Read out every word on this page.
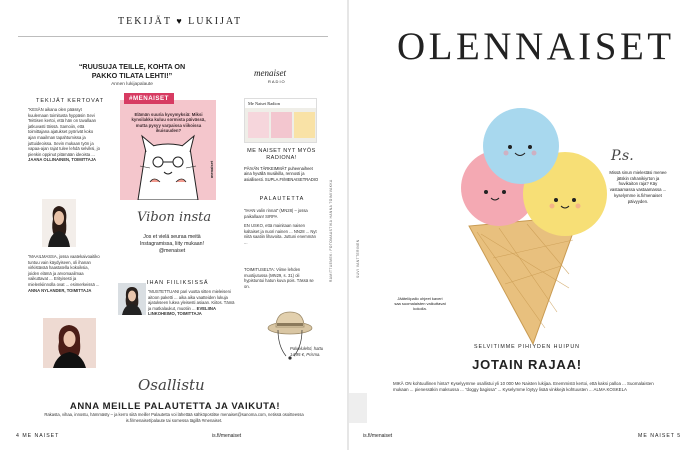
TEKIJÄT ♥ LUKIJAT
“RUUSUJA TEILLE, KOHTA ON PAKKO TILATA LEHTI!”
Annen lukijapalaute
menaiset
RADIO
TEKIJÄT KERTOVAT
“KESÄN aikana olen päässyt kuulemaan toimitusta hyppäsin Sevi Teittisen kertoi, että hän on tavallaan jatkuvasti töissä. Samoiin, että toimittajana ajatukset pyörivät koko ajan maailman tapahtumissa ja juttuideoissa. Sevin mukaan työn ja vapaa-ajan rajat tulee lehdä selviksi, jo pienkin oppinut pitämään ideoista ... JAANA OLLINAINEN, TOIMITTAJA
“MAAILMASSA, jossa vaatekaivoaitiko tuntuu vain käydyiseen, oli ihanan virkistävää haastatella kokoiksia, joiden elämä ja arvomaailmaa vaikuttavat ... Erityisesti ja mielenkiinnolla ovat ... esimerkeissä ... ANNA NYLANDER, TOIMITTAJA
#MENAISET
Elämän suuria kysymyksiä: Miksi kynsilakka kuluu sormista päivässä, mutta pysyy varpaissa viikoissa ikuisuuden?
menaiset
Vibon insta
Jos et vielä seuraa meitä Instagramissa, liity mukaan! @menaiset
IHAN FIILIKSISSÄ
“MUSTETTUANI pari vuotta sitten mieleiseni aitoon paketti ... aika aika vaatteiden lukuja ajatukseen lukea yleisesti asiaan. Kiitos. Tämä ja matkalaukut, muotiin ... EVELIINA LINKOHEIMO, TOIMITTAJA
Me Naiset Radion
ME NAISET NYT MYÖS RADIONA!
PÄIVÄN TÄRKEIMMÄT puheenaiheet aina hyvällä musiikilla, rennosti ja asiallisesti. SUPLA.FI/MENAISETRADIO
PALAUTETTA
“IHAN valin rinnat” (MN28) – jossa paikallaan! SIRPA
EN USKO, että mainitaan naisen kaltaiset ja nuori nainen ... NN28 ... Nyt niitä saatiin lihavoita. Juttuni enemmän ...
TOIMITUSELTA: Viime lehden muotijutussa (MN29, s. 31) oli hypistuntui hatun kuva pois. Tässä se on.
Palvelulehti, hattu 14,95 €, Prisma.
RAMITTUEMEK: FOTOMAASTIKA HANNA TOIMIVAKKA
Osallistu
ANNA MEILLE PALAUTETTA JA VAIKUTA!
Rakasta, vihaa, innostu, hämmästy – ja kerro siitä meille! Palautetta voi lähettää sähköpostitse menaiset@sanoma.com, netissä osoitteessa is.fi/menaiset/palaute tai somessa tägillä #menaiset.
4 ME NAISET	is.fi/menaiset
OLENNAISET
P.s.
Missä sinun mielestäsi menee jätskin rahanikiyrton ja huvikaiton raja? Käy vastaamassa vastaamassa ... kyselymme is.fi/menaiset päivyyden.
Jäätelöpallo ohjeet kaveri saa suomalaisten vaikuttavat kokolla.
SELVITIMME PIHIYDEN HUIPUN
JOTAIN RAJAA!
MIKÄ ON kohtuullinen hinta? Kyselyymme osallistui yli 10 000 Me Naisten lukijaa. Enemmistö kertoi, että kaksi palloa ... Suomalaisten mukaan ... pienessäkin maksussa ... "doggy bagissa" ... Kyselymme löytyy lisää vinkkejä kohtuusten ... ALMA KOSKELA
SUVI VANTTERINEN
is.fi/menaiset	ME NAISET 5
